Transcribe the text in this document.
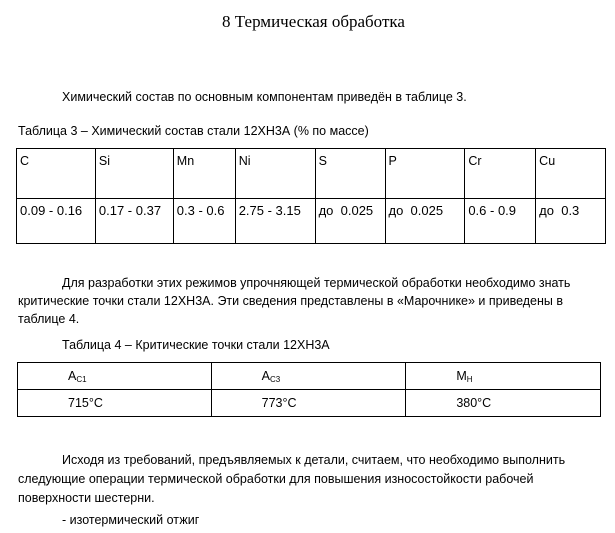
8 Термическая обработка
Химический состав по основным компонентам приведён в таблице 3.
Таблица 3 – Химический состав стали 12ХН3А (% по массе)
C	Si	Mn	Ni	S	P	Cr	Cu
0.09 - 0.16	0.17 - 0.37	0.3 - 0.6	2.75 - 3.15	до  0.025	до  0.025	0.6 - 0.9	до  0.3
Для разработки этих режимов упрочняющей термической обработки необходимо знать критические точки стали 12ХН3А. Эти сведения представлены в «Марочнике» и приведены в таблице 4.
Таблица 4 – Критические точки стали 12ХН3А
$A_{C1}$	$A_{C3}$	$M_H$
715°C	773°C	380°C
Исходя из требований, предъявляемых к детали, считаем, что необходимо выполнить следующие операции термической обработки для повышения износостойкости рабочей поверхности шестерни.
- изотермический отжиг
